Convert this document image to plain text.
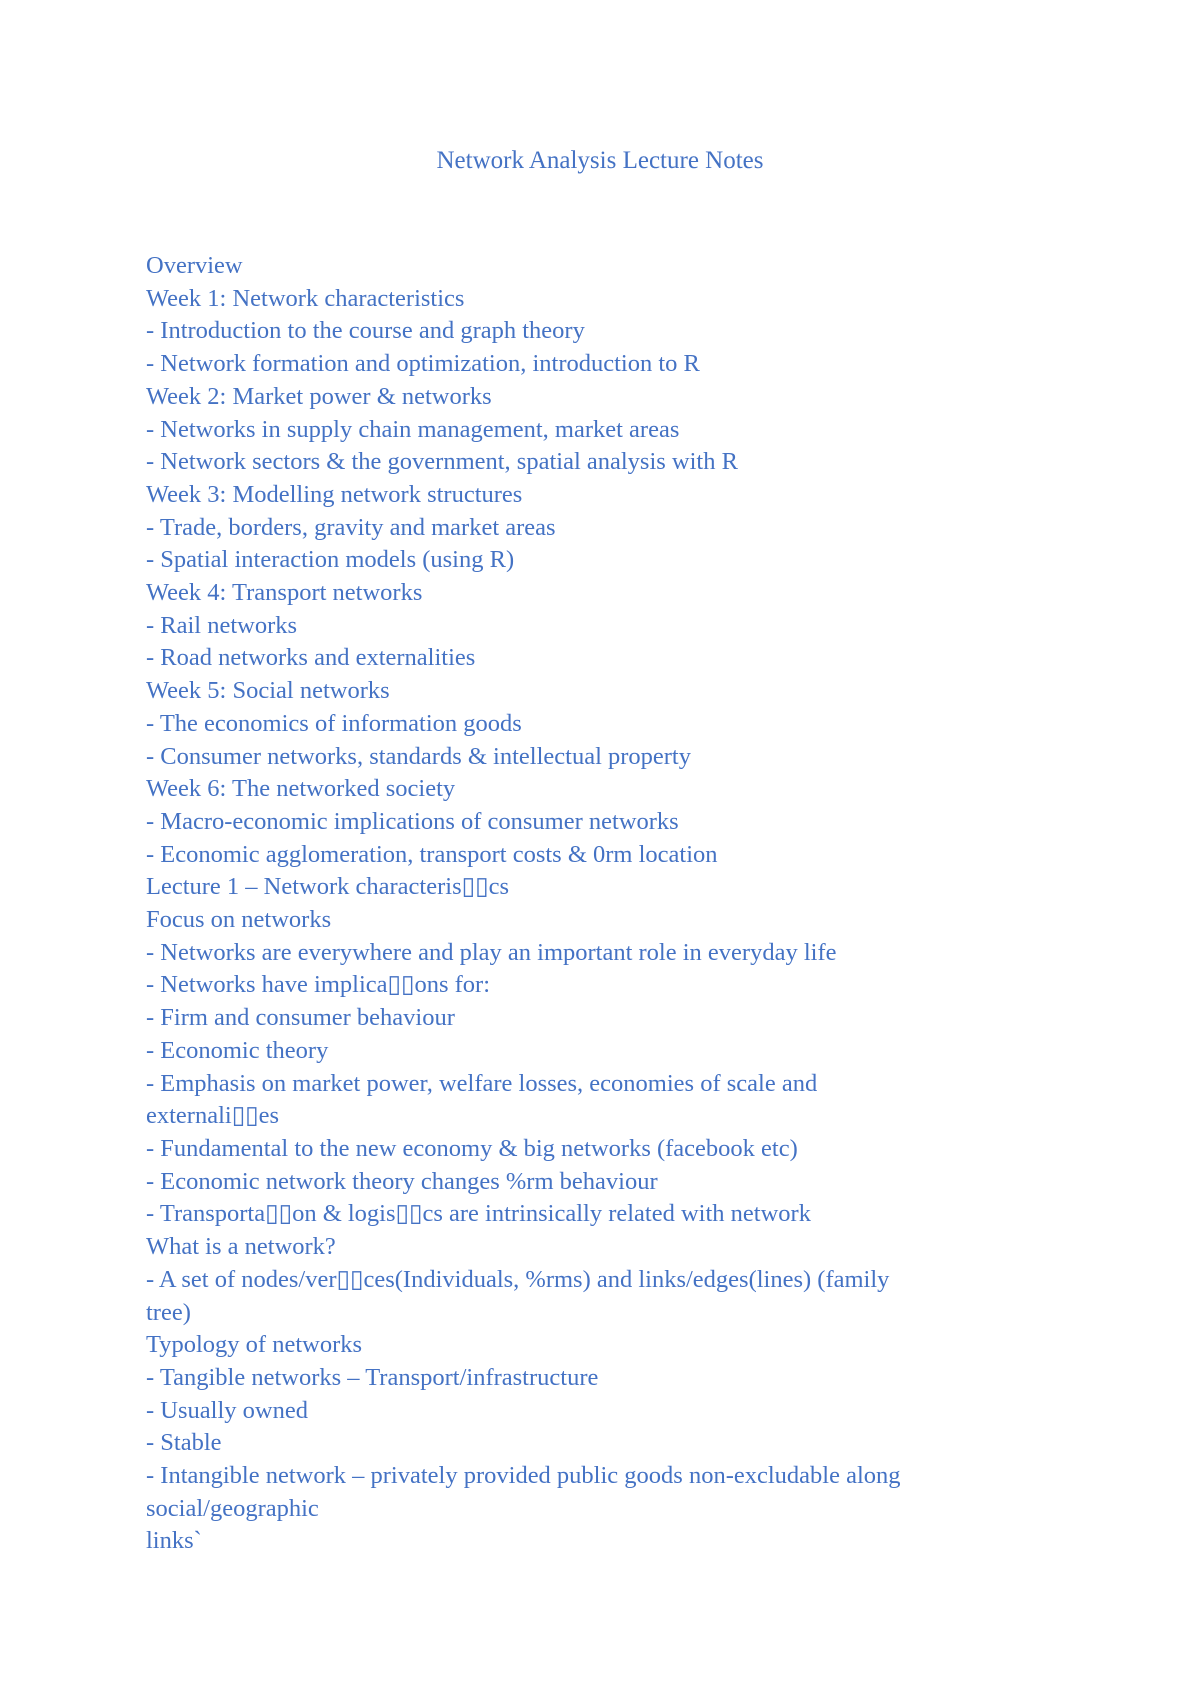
Network Analysis Lecture Notes

Overview

Week 1: Network characteristics

- Introduction to the course and graph theory

- Network formation and optimization, introduction to R

Week 2: Market power & networks

- Networks in supply chain management, market areas

- Network sectors & the government, spatial analysis with R

Week 3: Modelling network structures

- Trade, borders, gravity and market areas

- Spatial interaction models (using R)

Week 4: Transport networks

- Rail networks

- Road networks and externalities

Week 5: Social networks

- The economics of information goods

- Consumer networks, standards & intellectual property

Week 6: The networked society

- Macro-economic implications of consumer networks

- Economic agglomeration, transport costs & 0rm location

Lecture 1 – Network characteris▯▯cs

Focus on networks

- Networks are everywhere and play an important role in everyday life

- Networks have implica▯▯ons for:

- Firm and consumer behaviour

- Economic theory

- Emphasis on market power, welfare losses, economies of scale and

externali▯▯es

- Fundamental to the new economy & big networks (facebook etc)

- Economic network theory changes %rm behaviour

- Transporta▯▯on & logis▯▯cs are intrinsically related with network

What is a network?

- A set of nodes/ver▯▯ces(Individuals, %rms) and links/edges(lines) (family

tree)

Typology of networks

- Tangible networks – Transport/infrastructure

- Usually owned

- Stable

- Intangible network – privately provided public goods non-excludable along

social/geographic

links`
